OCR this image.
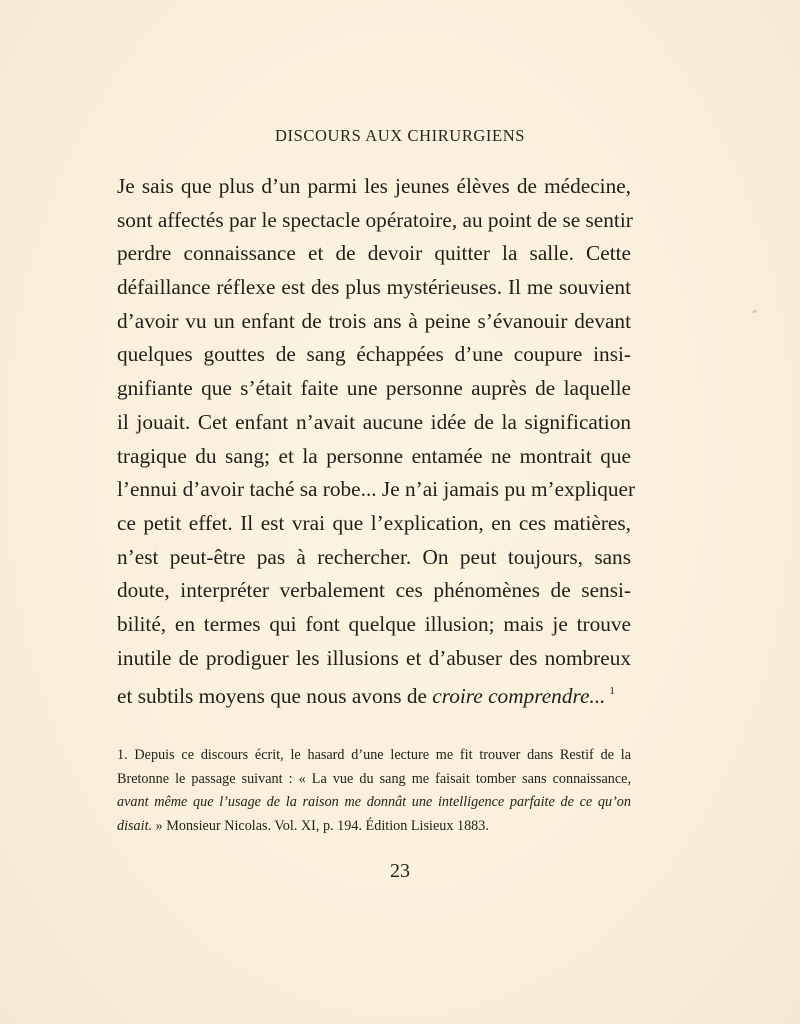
DISCOURS AUX CHIRURGIENS
Je sais que plus d’un parmi les jeunes élèves de médecine,
sont affectés par le spectacle opératoire, au point de se sentir
perdre connaissance et de devoir quitter la salle. Cette
défaillance réflexe est des plus mystérieuses. Il me souvient
d’avoir vu un enfant de trois ans à peine s’évanouir devant
quelques gouttes de sang échappées d’une coupure insi-
gnifiante que s’était faite une personne auprès de laquelle
il jouait. Cet enfant n’avait aucune idée de la signification
tragique du sang; et la personne entamée ne montrait que
l’ennui d’avoir taché sa robe... Je n’ai jamais pu m’expliquer
ce petit effet. Il est vrai que l’explication, en ces matières,
n’est peut-être pas à rechercher. On peut toujours, sans
doute, interpréter verbalement ces phénomènes de sensi-
bilité, en termes qui font quelque illusion; mais je trouve
inutile de prodiguer les illusions et d’abuser des nombreux
et subtils moyens que nous avons de croire comprendre... $^1$
1. Depuis ce discours écrit, le hasard d’une lecture me fit trouver dans Restif de la
Bretonne le passage suivant : « La vue du sang me faisait tomber sans connaissance,
avant même que l’usage de la raison me donnât une intelligence parfaite de ce qu’on
disait. » Monsieur Nicolas. Vol. XI, p. 194. Édition Lisieux 1883.
23
